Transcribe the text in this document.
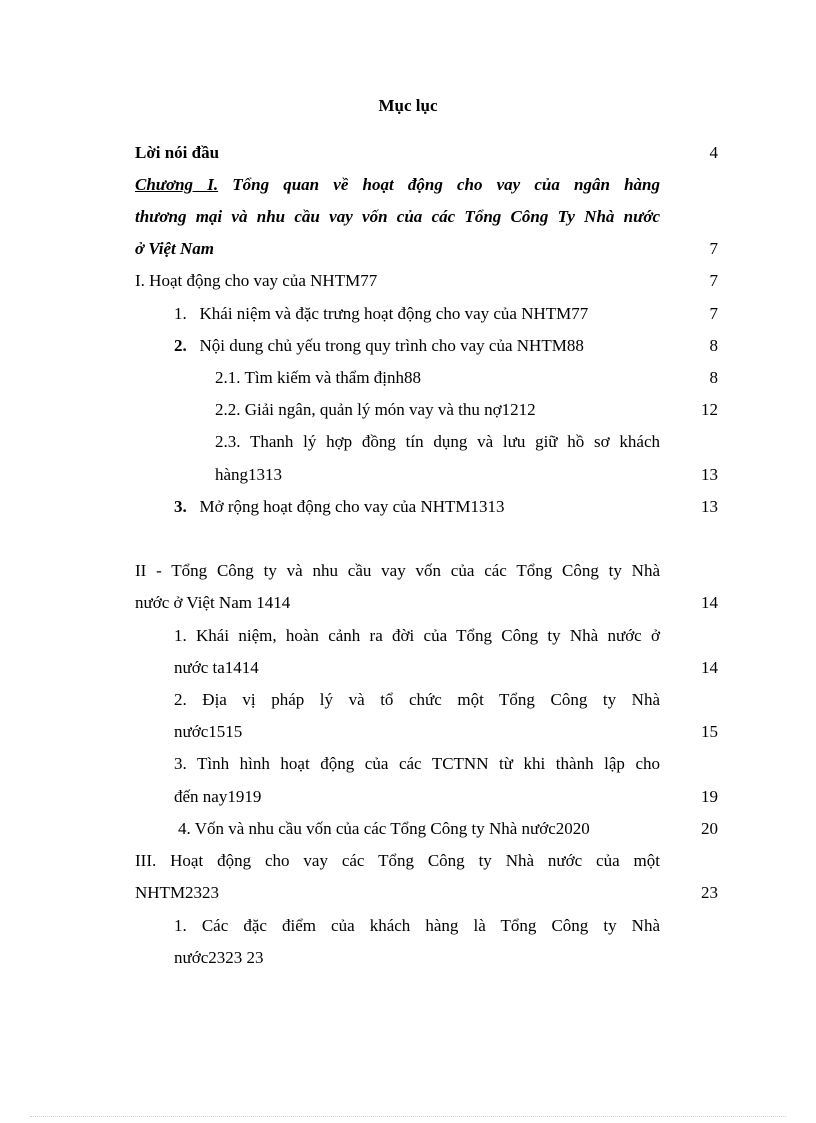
Mục lục
Lời nói đầu	4
Chương I. Tổng quan về hoạt động cho vay của ngân hàng
thương mại và nhu cầu vay vốn của các Tổng Công Ty Nhà nước
ở Việt Nam	7
I. Hoạt động cho vay của NHTM77	7
1. Khái niệm và đặc trưng hoạt động cho vay của NHTM77	7
2. Nội dung chủ yếu trong quy trình cho vay của NHTM88	8
2.1. Tìm kiếm và thẩm định88	8
2.2. Giải ngân, quản lý món vay và thu nợ1212	12
2.3. Thanh lý hợp đồng tín dụng và lưu giữ hồ sơ khách
hàng1313	13
3. Mở rộng hoạt động cho vay của NHTM1313	13
II - Tổng Công ty và nhu cầu vay vốn của các Tổng Công ty Nhà
nước ở Việt Nam 1414	14
1. Khái niệm, hoàn cảnh ra đời của Tổng Công ty Nhà nước ở
nước ta1414	14
2. Địa vị pháp lý và tổ chức một Tổng Công ty Nhà
nước1515	15
3. Tình hình hoạt động của các TCTNN từ khi thành lập cho
đến nay1919	19
4. Vốn và nhu cầu vốn của các Tổng Công ty Nhà nước2020	20
III. Hoạt động cho vay các Tổng Công ty Nhà nước của một
NHTM2323	23
1. Các đặc điểm của khách hàng là Tổng Công ty Nhà
nước2323 23
